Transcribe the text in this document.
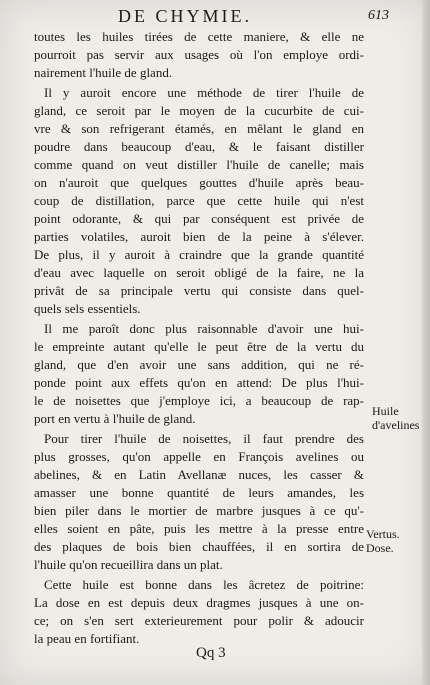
DE CHYMIE.	613
toutes les huiles tirées de cette maniere, & elle ne
pourroit pas servir aux usages où l'on employe ordi-
nairement l'huile de gland.
Il y auroit encore une méthode de tirer l'huile de
gland, ce seroit par le moyen de la cucurbite de cui-
vre & son refrigerant étamés, en mêlant le gland en
poudre dans beaucoup d'eau, & le faisant distiller
comme quand on veut distiller l'huile de canelle; mais
on n'auroit que quelques gouttes d'huile après beau-
coup de distillation, parce que cette huile qui n'est
point odorante, & qui par conséquent est privée de
parties volatiles, auroit bien de la peine à s'élever.
De plus, il y auroit à craindre que la grande quantité
d'eau avec laquelle on seroit obligé de la faire, ne la
privât de sa principale vertu qui consiste dans quel-
quels sels essentiels.
Il me paroît donc plus raisonnable d'avoir une hui-
le empreinte autant qu'elle le peut être de la vertu du
gland, que d'en avoir une sans addition, qui ne ré-
ponde point aux effets qu'on en attend: De plus l'hui-
le de noisettes que j'employe ici, a beaucoup de rap-
port en vertu à l'huile de gland.
Pour tirer l'huile de noisettes, il faut prendre des
plus grosses, qu'on appelle en François avelines ou
abelines, & en Latin Avellanæ nuces, les casser &
amasser une bonne quantité de leurs amandes, les
bien piler dans le mortier de marbre jusques à ce qu'-
elles soient en pâte, puis les mettre à la presse entre
des plaques de bois bien chauffées, il en sortira de
l'huile qu'on recueillira dans un plat.
Cette huile est bonne dans les âcretez de poitrine:
La dose en est depuis deux dragmes jusques à une on-
ce; on s'en sert exterieurement pour polir & adoucir
la peau en fortifiant.
Huile
d'avelines
Vertus.
Dose.
Qq 3
